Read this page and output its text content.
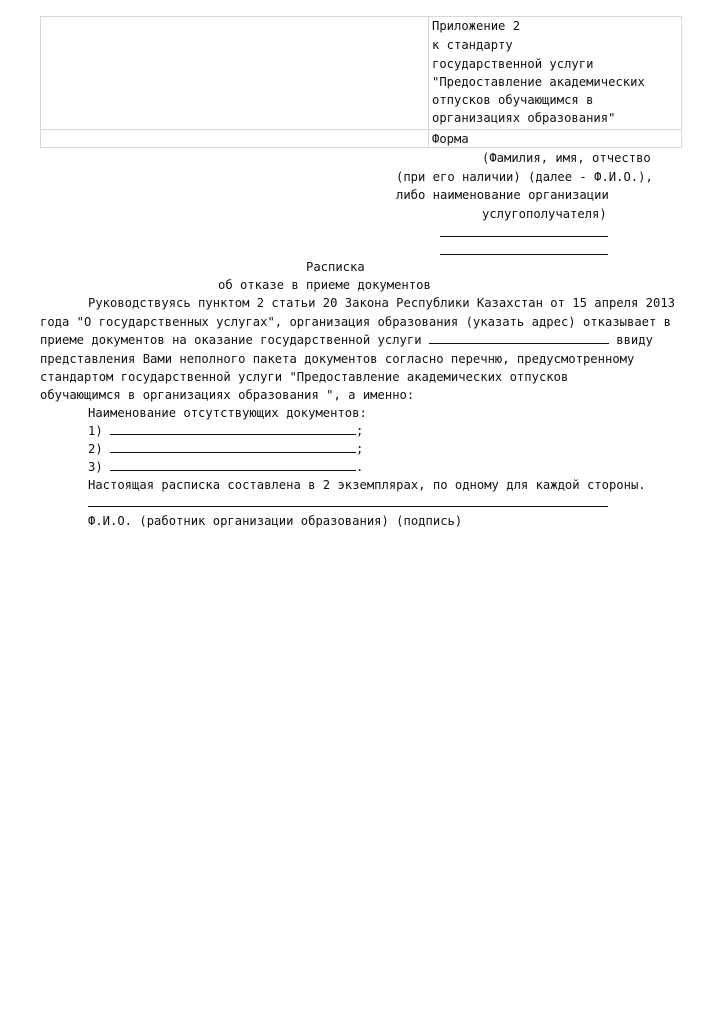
Приложение 2
к стандарту
государственной услуги
"Предоставление академических
отпусков обучающимся в
организациях образования"
Форма
(Фамилия, имя, отчество
(при его наличии) (далее - Ф.И.О.),
либо наименование организации
услугополучателя)
Расписка
об отказе в приеме документов
Руководствуясь пунктом 2 статьи 20 Закона Республики Казахстан от 15 апреля 2013
года "О государственных услугах", организация образования (указать адрес) отказывает в
приеме документов на оказание государственной услуги	ввиду
представления Вами неполного пакета документов согласно перечню, предусмотренному
стандартом государственной услуги "Предоставление академических отпусков
обучающимся в организациях образования ", а именно:
Наименование отсутствующих документов:
1)	;
2)	;
3)	.
Настоящая расписка составлена в 2 экземплярах, по одному для каждой стороны.
Ф.И.О. (работник организации образования) (подпись)
